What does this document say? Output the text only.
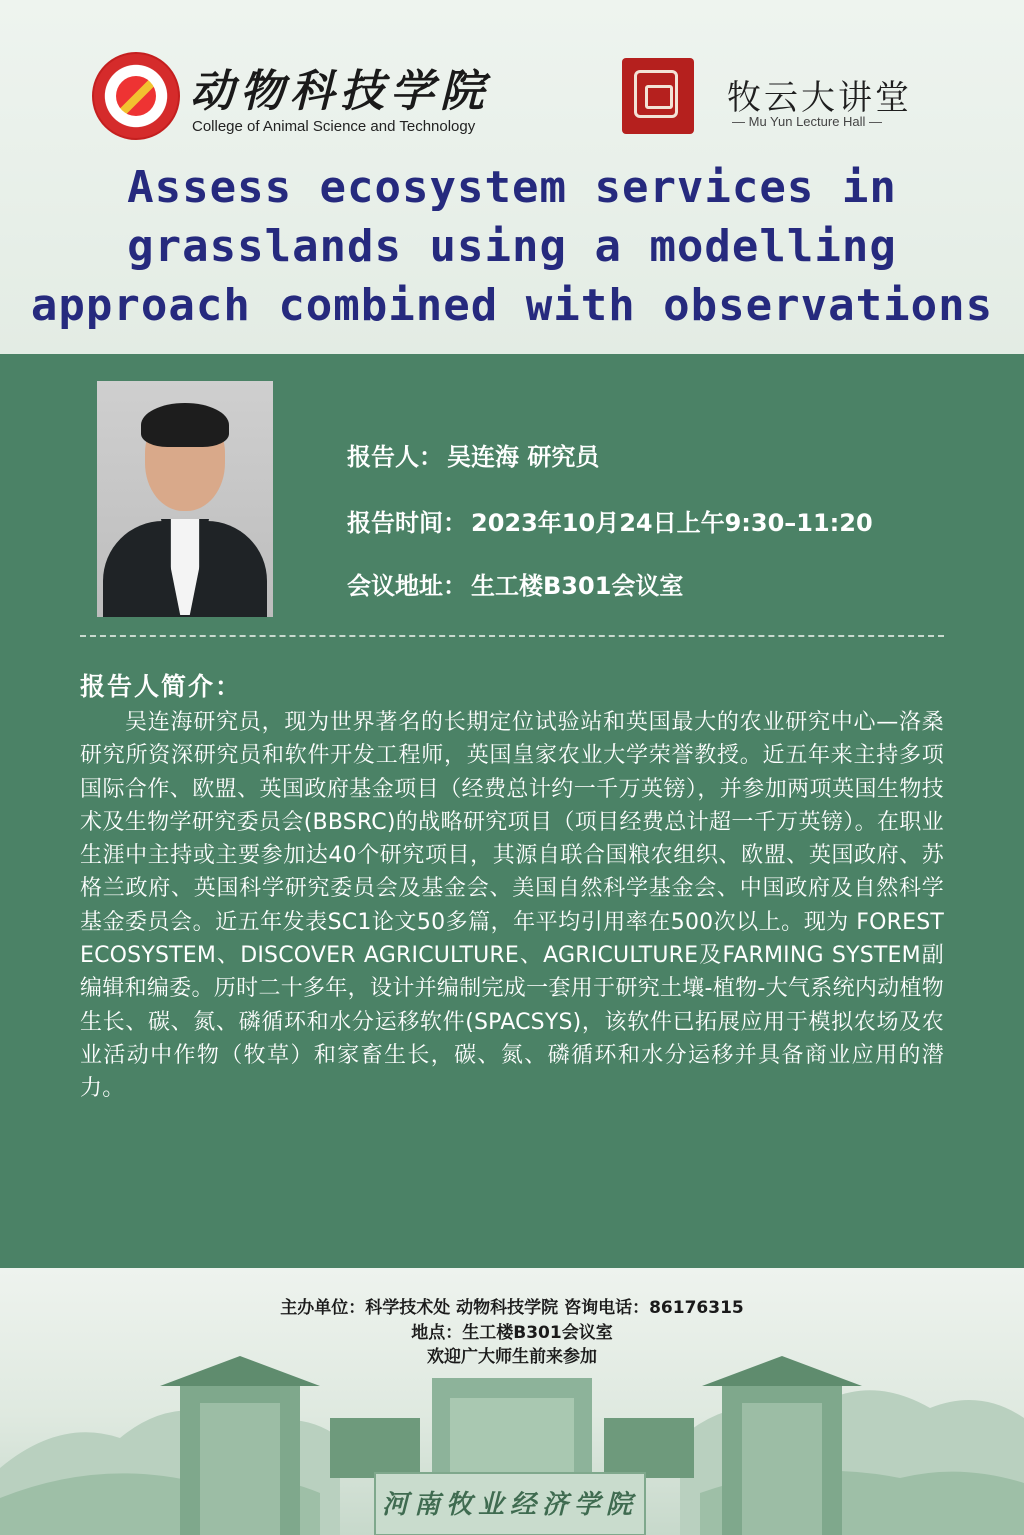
动物科技学院
College of Animal Science and Technology
牧云大讲堂
— Mu Yun Lecture Hall —
Assess ecosystem services in
grasslands using a modelling
approach combined with observations
报告人： 吴连海 研究员
报告时间： 2023年10月24日上午9:30–11:20
会议地址： 生工楼B301会议室
报告人简介：
吴连海研究员，现为世界著名的长期定位试验站和英国最大的农业研究中心—洛桑研究所资深研究员和软件开发工程师，英国皇家农业大学荣誉教授。近五年来主持多项国际合作、欧盟、英国政府基金项目（经费总计约一千万英镑），并参加两项英国生物技术及生物学研究委员会(BBSRC)的战略研究项目（项目经费总计超一千万英镑）。在职业生涯中主持或主要参加达40个研究项目，其源自联合国粮农组织、欧盟、英国政府、苏格兰政府、英国科学研究委员会及基金会、美国自然科学基金会、中国政府及自然科学基金委员会。近五年发表SC1论文50多篇，年平均引用率在500次以上。现为 FOREST ECOSYSTEM、DISCOVER AGRICULTURE、AGRICULTURE及FARMING SYSTEM副编辑和编委。历时二十多年，设计并编制完成一套用于研究土壤-植物-大气系统内动植物生长、碳、氮、磷循环和水分运移软件(SPACSYS)，该软件已拓展应用于模拟农场及农业活动中作物（牧草）和家畜生长，碳、氮、磷循环和水分运移并具备商业应用的潜力。
河南牧业经济学院
主办单位：科学技术处 动物科技学院 咨询电话：86176315
地点：生工楼B301会议室
欢迎广大师生前来参加
